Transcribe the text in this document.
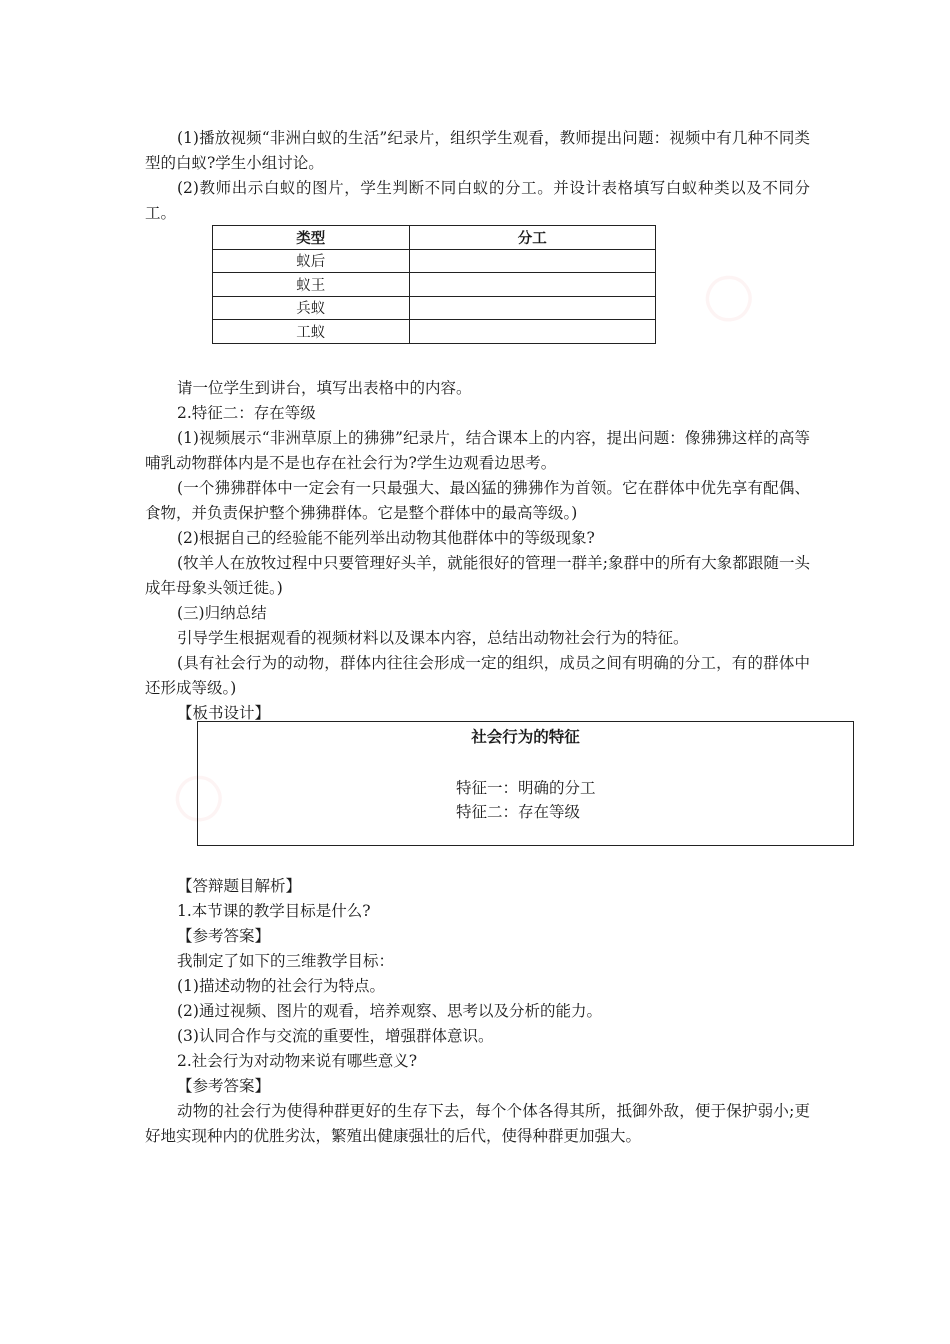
○
○

(1)播放视频“非洲白蚁的生活”纪录片，组织学生观看，教师提出问题：视频中有几种不同类型的白蚁?学生小组讨论。

(2)教师出示白蚁的图片，学生判断不同白蚁的分工。并设计表格填写白蚁种类以及不同分工。

类型	分工
蚁后	
蚁王	
兵蚁	
工蚁	

请一位学生到讲台，填写出表格中的内容。

2.特征二：存在等级

(1)视频展示“非洲草原上的狒狒”纪录片，结合课本上的内容，提出问题：像狒狒这样的高等哺乳动物群体内是不是也存在社会行为?学生边观看边思考。

(一个狒狒群体中一定会有一只最强大、最凶猛的狒狒作为首领。它在群体中优先享有配偶、食物，并负责保护整个狒狒群体。它是整个群体中的最高等级。)

(2)根据自己的经验能不能列举出动物其他群体中的等级现象?

(牧羊人在放牧过程中只要管理好头羊，就能很好的管理一群羊;象群中的所有大象都跟随一头成年母象头领迁徙。)

(三)归纳总结

引导学生根据观看的视频材料以及课本内容，总结出动物社会行为的特征。

(具有社会行为的动物，群体内往往会形成一定的组织，成员之间有明确的分工，有的群体中还形成等级。)

【板书设计】

社会行为的特征
特征一：明确的分工
特征二：存在等级

【答辩题目解析】

1.本节课的教学目标是什么?

【参考答案】

我制定了如下的三维教学目标：

(1)描述动物的社会行为特点。

(2)通过视频、图片的观看，培养观察、思考以及分析的能力。

(3)认同合作与交流的重要性，增强群体意识。

2.社会行为对动物来说有哪些意义?

【参考答案】

动物的社会行为使得种群更好的生存下去，每个个体各得其所，抵御外敌，便于保护弱小;更好地实现种内的优胜劣汰，繁殖出健康强壮的后代，使得种群更加强大。
